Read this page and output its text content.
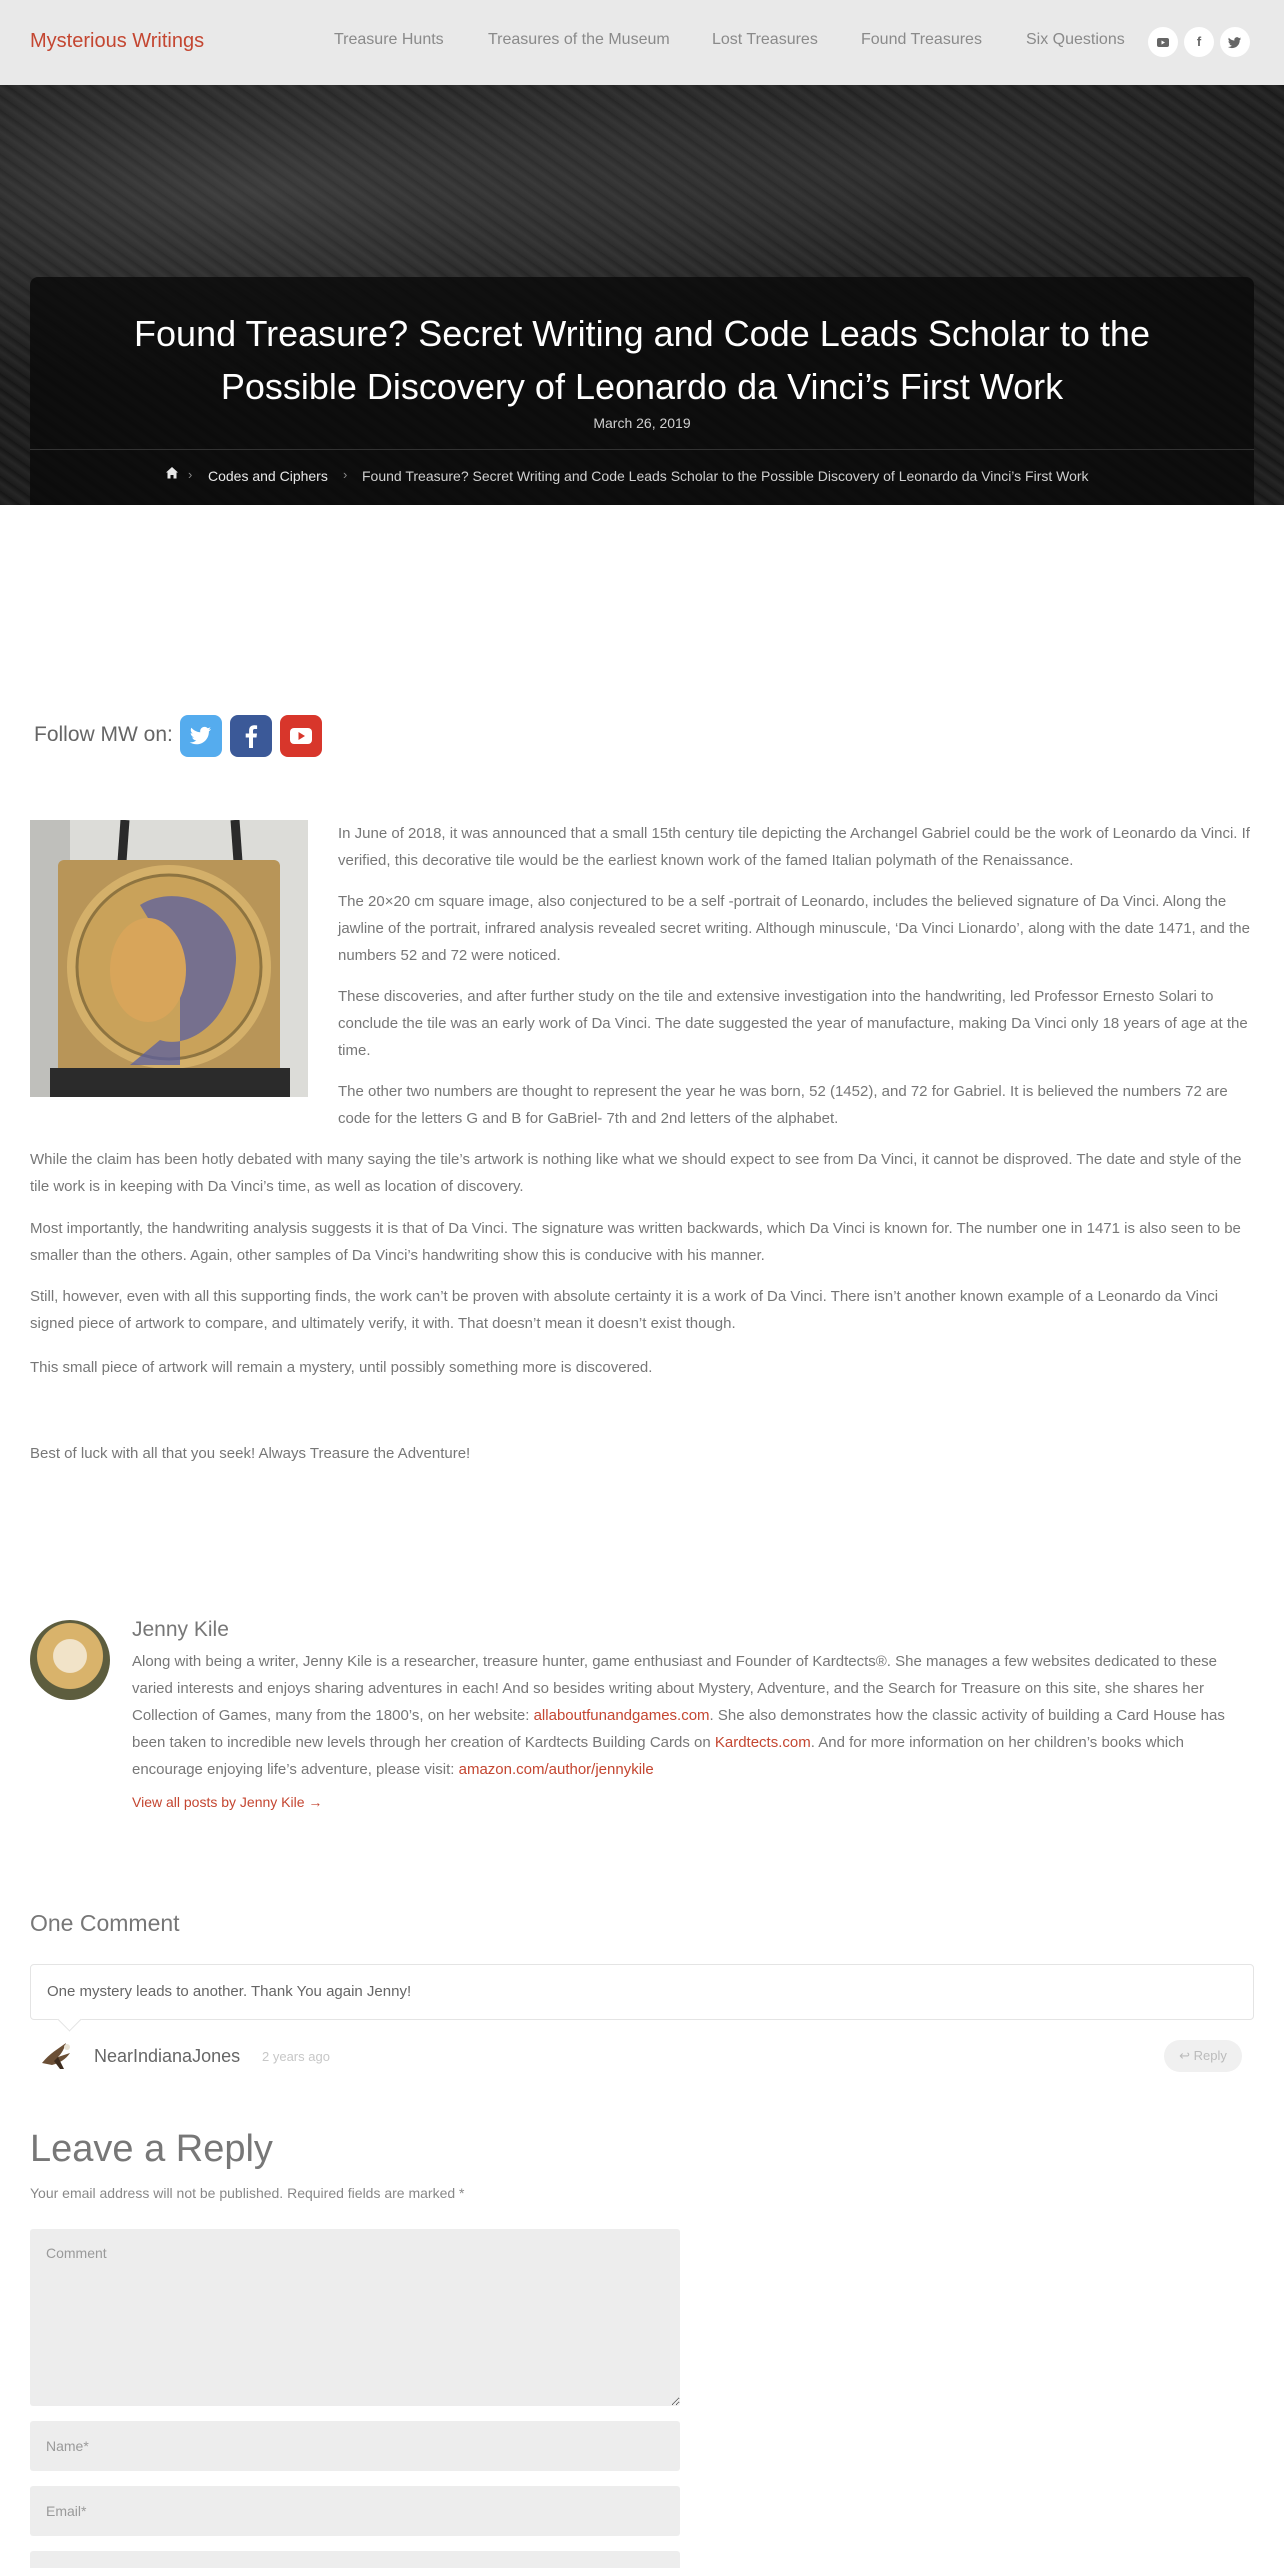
Mysterious Writings	Treasure Hunts	Treasures of the Museum	Lost Treasures	Found Treasures	Six Questions	f
Found Treasure? Secret Writing and Code Leads Scholar to the
Possible Discovery of Leonardo da Vinci’s First Work
March 26, 2019
› Codes and Ciphers › Found Treasure? Secret Writing and Code Leads Scholar to the Possible Discovery of Leonardo da Vinci’s First Work
Follow MW on:

In June of 2018, it was announced that a small 15th century tile depicting the Archangel Gabriel could be the work of Leonardo da Vinci. If verified, this decorative tile would be the earliest known work of the famed Italian polymath of the Renaissance.

The 20×20 cm square image, also conjectured to be a self -portrait of Leonardo, includes the believed signature of Da Vinci. Along the jawline of the portrait, infrared analysis revealed secret writing. Although minuscule, ‘Da Vinci Lionardo’, along with the date 1471, and the numbers 52 and 72 were noticed.

These discoveries, and after further study on the tile and extensive investigation into the handwriting, led Professor Ernesto Solari to conclude the tile was an early work of Da Vinci. The date suggested the year of manufacture, making Da Vinci only 18 years of age at the time.

The other two numbers are thought to represent the year he was born, 52 (1452), and 72 for Gabriel. It is believed the numbers 72 are code for the letters G and B for GaBriel- 7th and 2nd letters of the alphabet.

While the claim has been hotly debated with many saying the tile’s artwork is nothing like what we should expect to see from Da Vinci, it cannot be disproved. The date and style of the tile work is in keeping with Da Vinci’s time, as well as location of discovery.

Most importantly, the handwriting analysis suggests it is that of Da Vinci. The signature was written backwards, which Da Vinci is known for. The number one in 1471 is also seen to be smaller than the others. Again, other samples of Da Vinci’s handwriting show this is conducive with his manner.

Still, however, even with all this supporting finds, the work can’t be proven with absolute certainty it is a work of Da Vinci. There isn’t another known example of a Leonardo da Vinci signed piece of artwork to compare, and ultimately verify, it with. That doesn’t mean it doesn’t exist though.

This small piece of artwork will remain a mystery, until possibly something more is discovered.

Best of luck with all that you seek! Always Treasure the Adventure!

Jenny Kile

Along with being a writer, Jenny Kile is a researcher, treasure hunter, game enthusiast and Founder of Kardtects®. She manages a few websites dedicated to these varied interests and enjoys sharing adventures in each! And so besides writing about Mystery, Adventure, and the Search for Treasure on this site, she shares her Collection of Games, many from the 1800’s, on her website: allaboutfunandgames.com. She also demonstrates how the classic activity of building a Card House has been taken to incredible new levels through her creation of Kardtects Building Cards on Kardtects.com. And for more information on her children’s books which encourage enjoying life’s adventure, please visit: amazon.com/author/jennykile

View all posts by Jenny Kile →
One Comment
One mystery leads to another. Thank You again Jenny!
NearIndianaJones 2 years ago	↩ Reply
Leave a Reply

Your email address will not be published. Required fields are marked *

Comment
Name*
Email*
